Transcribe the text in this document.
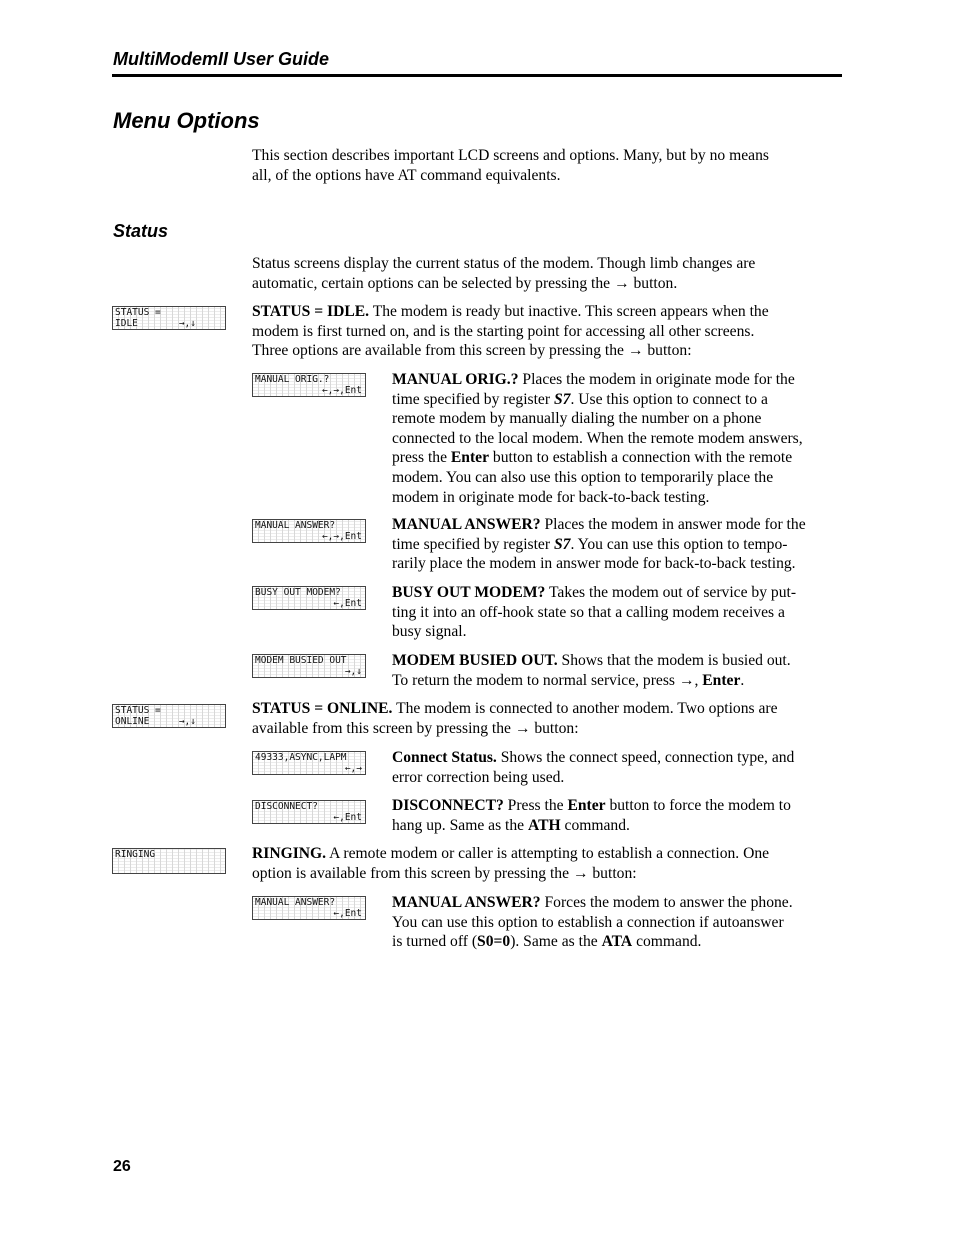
MultiModemII User Guide
Menu Options

This section describes important LCD screens and options. Many, but by no means
all, of the options have AT command equivalents.

Status

Status screens display the current status of the modem. Though limb changes are
automatic, certain options can be selected by pressing the → button.

STATUS =
IDLE	→,↓

STATUS = IDLE. The modem is ready but inactive. This screen appears when the
modem is first turned on, and is the starting point for accessing all other screens.
Three options are available from this screen by pressing the → button:

MANUAL ORIG.?
←,→,Ent

MANUAL ORIG.? Places the modem in originate mode for the
time specified by register S7. Use this option to connect to a
remote modem by manually dialing the number on a phone
connected to the local modem. When the remote modem answers,
press the Enter button to establish a connection with the remote
modem. You can also use this option to temporarily place the
modem in originate mode for back-to-back testing.

MANUAL ANSWER?
←,→,Ent

MANUAL ANSWER? Places the modem in answer mode for the
time specified by register S7. You can use this option to tempo-
rarily place the modem in answer mode for back-to-back testing.

BUSY OUT MODEM?
←,Ent

BUSY OUT MODEM? Takes the modem out of service by put-
ting it into an off-hook state so that a calling modem receives a
busy signal.

MODEM BUSIED OUT
→,↓

MODEM BUSIED OUT. Shows that the modem is busied out.
To return the modem to normal service, press →, Enter.

STATUS =
ONLINE	→,↓

STATUS = ONLINE. The modem is connected to another modem. Two options are
available from this screen by pressing the → button:

49333,ASYNC,LAPM
←,→

Connect Status. Shows the connect speed, connection type, and
error correction being used.

DISCONNECT?
←,Ent

DISCONNECT? Press the Enter button to force the modem to
hang up. Same as the ATH command.

RINGING	RINGING. A remote modem or caller is attempting to establish a connection. One
option is available from this screen by pressing the → button:

MANUAL ANSWER?
←,Ent

MANUAL ANSWER? Forces the modem to answer the phone.
You can use this option to establish a connection if autoanswer
is turned off (S0=0). Same as the ATA command.

26
